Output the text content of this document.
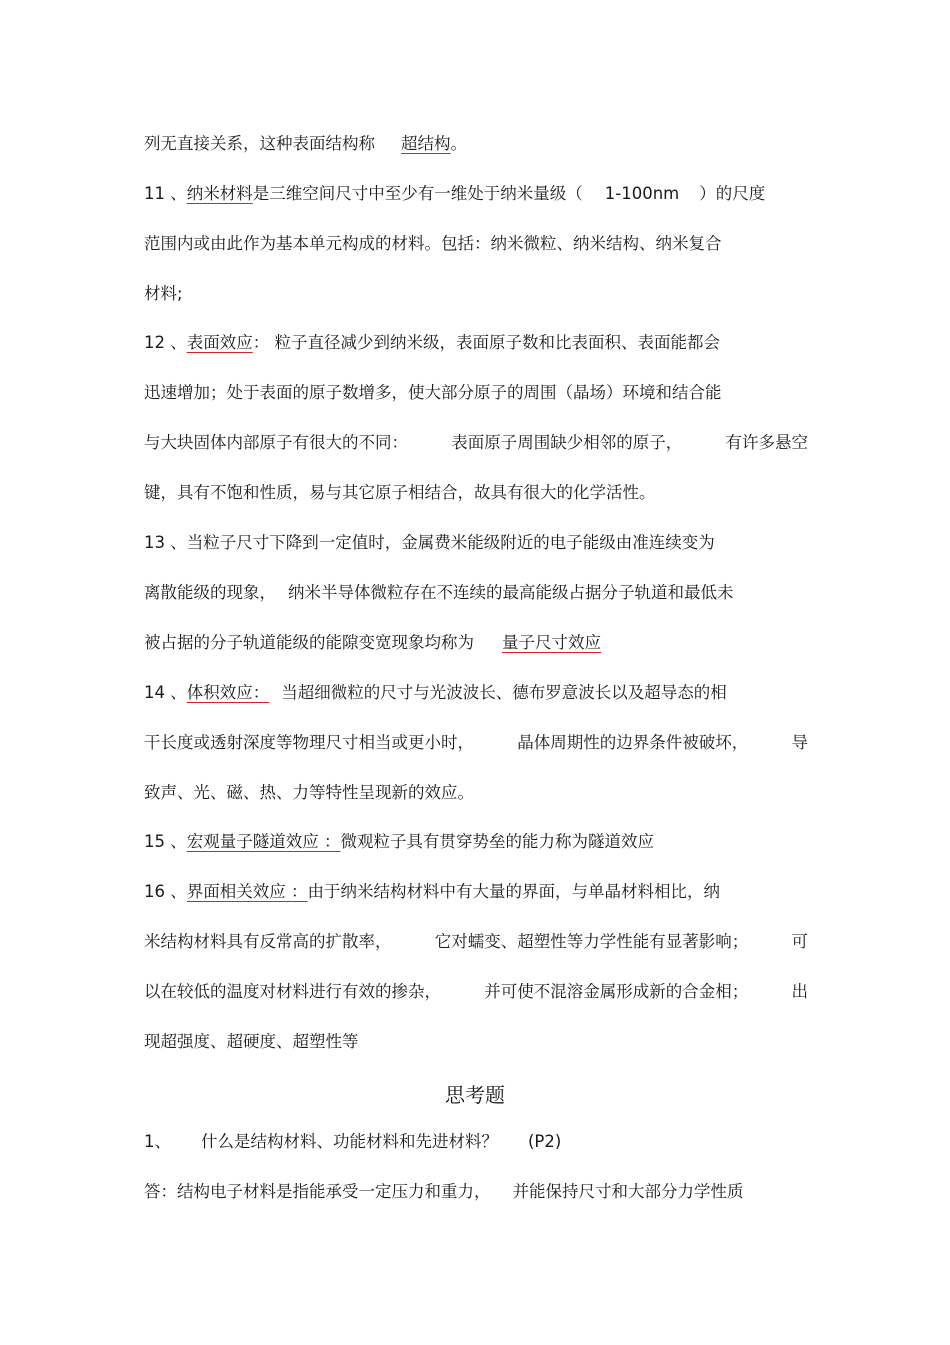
列无直接关系，这种表面结构称 超结构。
11 、纳米材料是三维空间尺寸中至少有一维处于纳米量级（ 1-100nm ）的尺度
范围内或由此作为基本单元构成的材料。包括：纳米微粒、纳米结构、纳米复合
材料;
12 、表面效应： 粒子直径减少到纳米级，表面原子数和比表面积、表面能都会
迅速增加；处于表面的原子数增多，使大部分原子的周围（晶场）环境和结合能
与大块固体内部原子有很大的不同：	表面原子周围缺少相邻的原子，	有许多悬空
键，具有不饱和性质，易与其它原子相结合，故具有很大的化学活性。
13 、当粒子尺寸下降到一定值时，金属费米能级附近的电子能级由准连续变为
离散能级的现象， 纳米半导体微粒存在不连续的最高能级占据分子轨道和最低未
被占据的分子轨道能级的能隙变宽现象均称为 量子尺寸效应
14 、体积效应： 当超细微粒的尺寸与光波波长、德布罗意波长以及超导态的相
干长度或透射深度等物理尺寸相当或更小时，	晶体周期性的边界条件被破坏，	导
致声、光、磁、热、力等特性呈现新的效应。
15 、宏观量子隧道效应 ：微观粒子具有贯穿势垒的能力称为隧道效应
16 、界面相关效应 ：由于纳米结构材料中有大量的界面，与单晶材料相比，纳
米结构材料具有反常高的扩散率，	它对蠕变、超塑性等力学性能有显著影响；	可
以在较低的温度对材料进行有效的掺杂，	并可使不混溶金属形成新的合金相；	出
现超强度、超硬度、超塑性等
思考题
1、 什么是结构材料、功能材料和先进材料？ (P2)
答：结构电子材料是指能承受一定压力和重力， 并能保持尺寸和大部分力学性质
